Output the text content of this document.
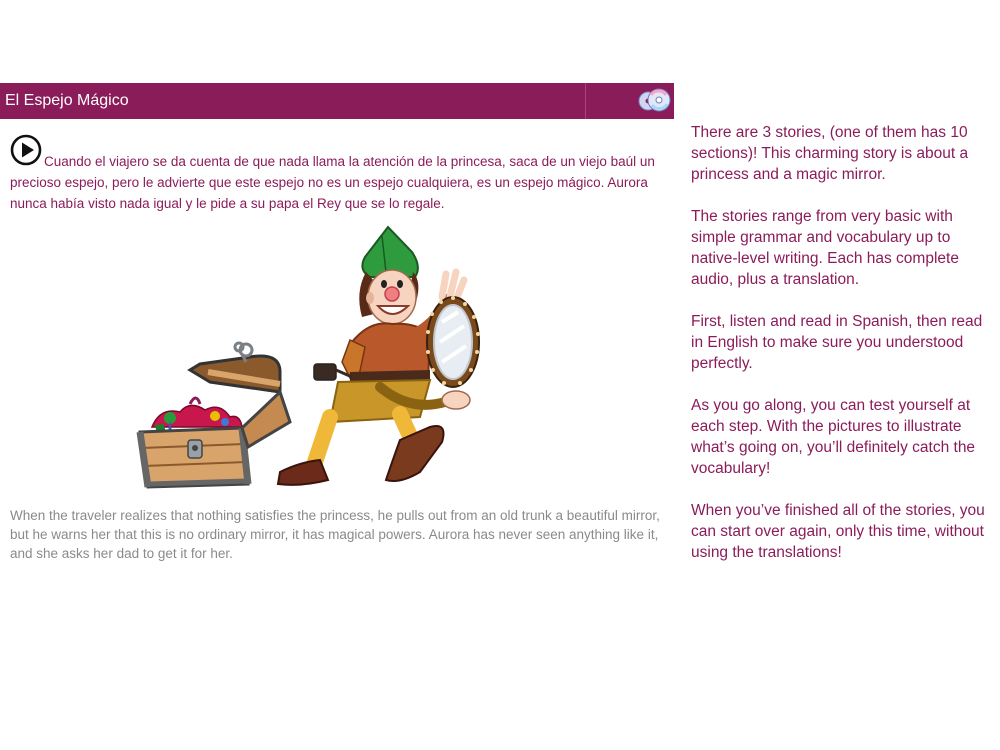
El Espejo Mágico

Cuando el viajero se da cuenta de que nada llama la atención de la princesa, saca de un viejo baúl un precioso espejo, pero le advierte que este espejo no es un espejo cualquiera, es un espejo mágico. Aurora nunca había visto nada igual y le pide a su papa el Rey que se lo regale.

When the traveler realizes that nothing satisfies the princess, he pulls out from an old trunk a beautiful mirror, but he warns her that this is no ordinary mirror, it has magical powers. Aurora has never seen anything like it, and she asks her dad to get it for her.

There are 3 stories, (one of them has 10 sections)! This charming story is about a princess and a magic mirror.

The stories range from very basic with simple grammar and vocabulary up to native-level writing. Each has complete audio, plus a translation.

First, listen and read in Spanish, then read in English to make sure you understood perfectly.

As you go along, you can test yourself at each step. With the pictures to illustrate what’s going on, you’ll definitely catch the vocabulary!

When you’ve finished all of the stories, you can start over again, only this time, without using the translations!
